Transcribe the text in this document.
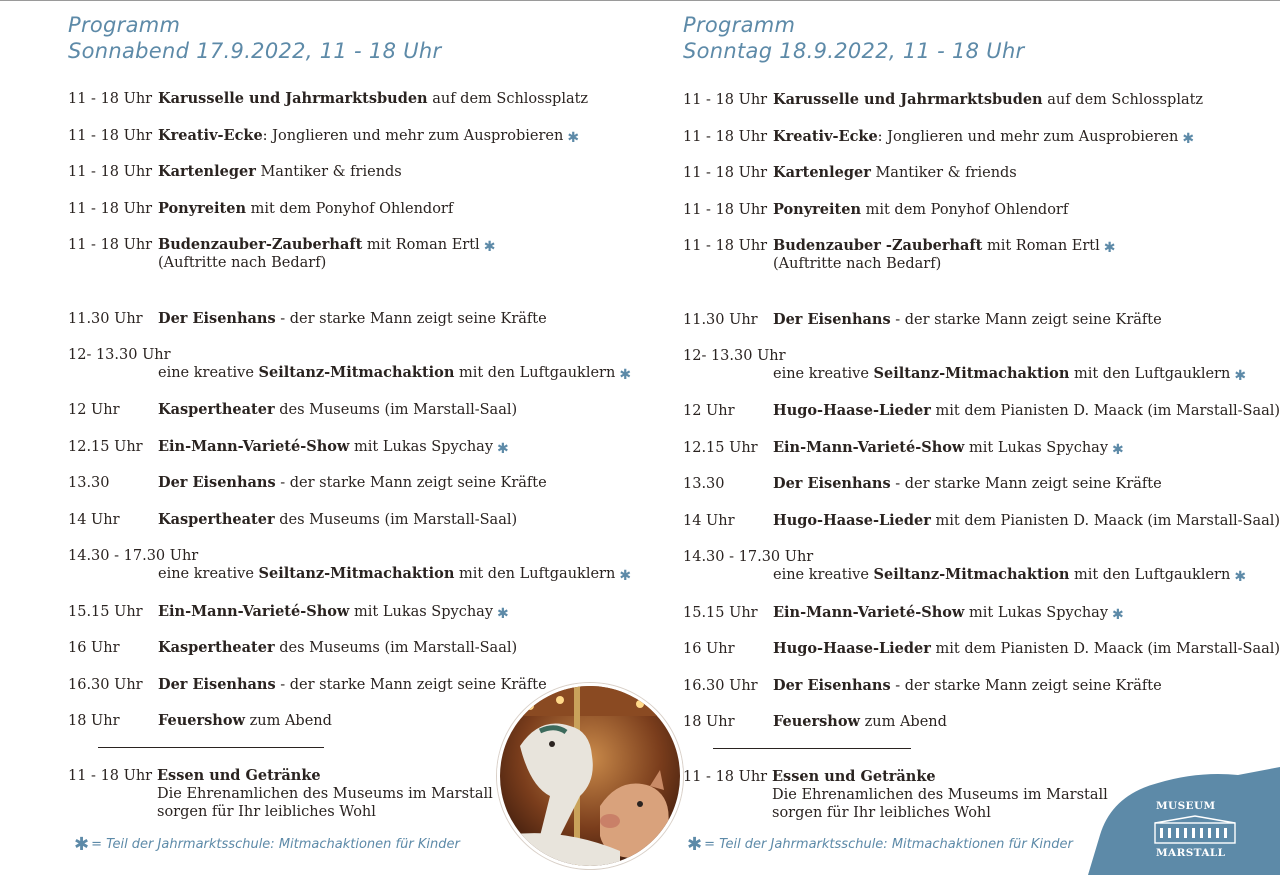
Programm
Sonnabend 17.9.2022, 11 - 18 Uhr
11 - 18 Uhr Karusselle und Jahrmarktsbuden auf dem Schlossplatz
11 - 18 Uhr Kreativ-Ecke: Jonglieren und mehr zum Ausprobieren ✱
11 - 18 Uhr Kartenleger Mantiker & friends
11 - 18 Uhr Ponyreiten mit dem Ponyhof Ohlendorf
11 - 18 Uhr Budenzauber-Zauberhaft mit Roman Ertl ✱
(Auftritte nach Bedarf)
11.30 Uhr Der Eisenhans - der starke Mann zeigt seine Kräfte
12- 13.30 Uhr
eine kreative Seiltanz-Mitmachaktion mit den Luftgauklern ✱
12 Uhr	Kaspertheater des Museums (im Marstall-Saal)
12.15 Uhr Ein-Mann-Varieté-Show mit Lukas Spychay ✱
13.30	Der Eisenhans - der starke Mann zeigt seine Kräfte
14 Uhr	Kaspertheater des Museums (im Marstall-Saal)
14.30 - 17.30 Uhr
eine kreative Seiltanz-Mitmachaktion mit den Luftgauklern ✱
15.15 Uhr Ein-Mann-Varieté-Show mit Lukas Spychay ✱
16 Uhr	Kaspertheater des Museums (im Marstall-Saal)
16.30 Uhr Der Eisenhans - der starke Mann zeigt seine Kräfte
18 Uhr	Feuershow zum Abend
11 - 18 Uhr Essen und Getränke
Die Ehrenamlichen des Museums im Marstall
sorgen für Ihr leibliches Wohl
✱ = Teil der Jahrmarktsschule: Mitmachaktionen für Kinder
Programm
Sonntag 18.9.2022, 11 - 18 Uhr
11 - 18 Uhr Karusselle und Jahrmarktsbuden auf dem Schlossplatz
11 - 18 Uhr Kreativ-Ecke: Jonglieren und mehr zum Ausprobieren ✱
11 - 18 Uhr Kartenleger Mantiker & friends
11 - 18 Uhr Ponyreiten mit dem Ponyhof Ohlendorf
11 - 18 Uhr Budenzauber -Zauberhaft mit Roman Ertl ✱
(Auftritte nach Bedarf)
11.30 Uhr Der Eisenhans - der starke Mann zeigt seine Kräfte
12- 13.30 Uhr
eine kreative Seiltanz-Mitmachaktion mit den Luftgauklern ✱
12 Uhr	Hugo-Haase-Lieder mit dem Pianisten D. Maack (im Marstall-Saal)
12.15 Uhr Ein-Mann-Varieté-Show mit Lukas Spychay ✱
13.30	Der Eisenhans - der starke Mann zeigt seine Kräfte
14 Uhr	Hugo-Haase-Lieder mit dem Pianisten D. Maack (im Marstall-Saal)
14.30 - 17.30 Uhr
eine kreative Seiltanz-Mitmachaktion mit den Luftgauklern ✱
15.15 Uhr Ein-Mann-Varieté-Show mit Lukas Spychay ✱
16 Uhr	Hugo-Haase-Lieder mit dem Pianisten D. Maack (im Marstall-Saal)
16.30 Uhr Der Eisenhans - der starke Mann zeigt seine Kräfte
18 Uhr	Feuershow zum Abend
11 - 18 Uhr Essen und Getränke
Die Ehrenamlichen des Museums im Marstall
sorgen für Ihr leibliches Wohl
✱ = Teil der Jahrmarktsschule: Mitmachaktionen für Kinder
MUSEUM
MARSTALL
